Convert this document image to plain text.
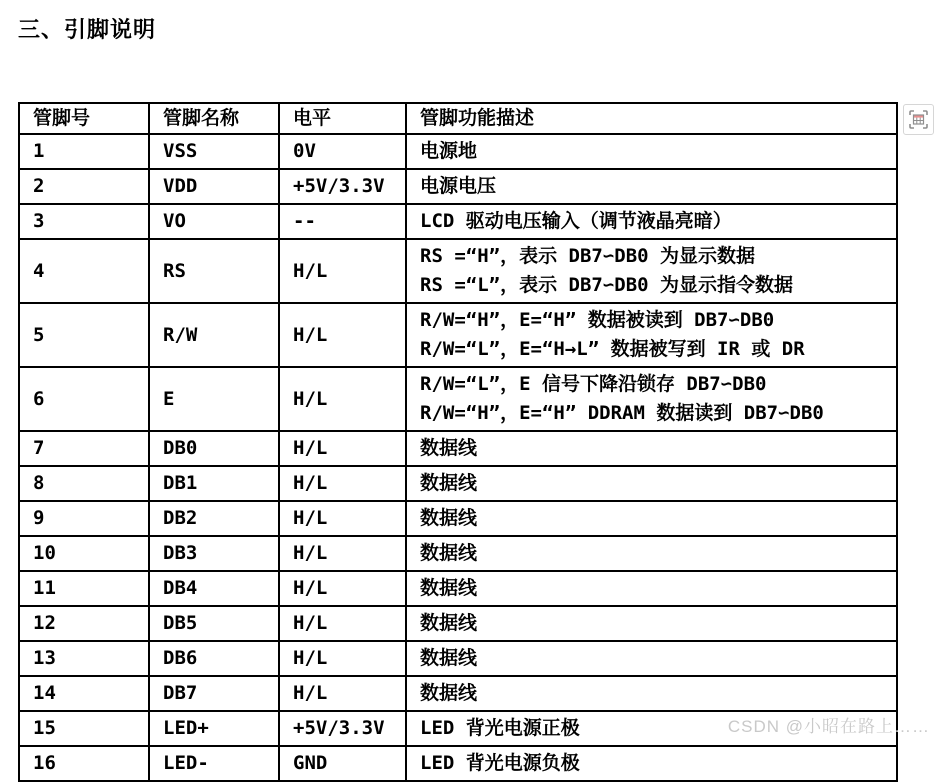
三、引脚说明
管脚号	管脚名称	电平	管脚功能描述
1	VSS	0V	电源地

2	VDD	+5V/3.3V	电源电压

3	VO	--	LCD 驱动电压输入（调节液晶亮暗）

4	RS	H/L	RS =“H”，表示 DB7∽DB0 为显示数据
RS =“L”，表示 DB7∽DB0 为显示指令数据

5	R/W	H/L	R/W=“H”，E=“H” 数据被读到 DB7∽DB0
R/W=“L”，E=“H→L” 数据被写到 IR 或 DR

6	E	H/L	R/W=“L”，E 信号下降沿锁存 DB7∽DB0
R/W=“H”，E=“H” DDRAM 数据读到 DB7∽DB0

7	DB0	H/L	数据线

8	DB1	H/L	数据线

9	DB2	H/L	数据线

10	DB3	H/L	数据线

11	DB4	H/L	数据线

12	DB5	H/L	数据线

13	DB6	H/L	数据线

14	DB7	H/L	数据线

15	LED+	+5V/3.3V	LED 背光电源正极

16	LED-	GND	LED 背光电源负极
CSDN @小昭在路上……
